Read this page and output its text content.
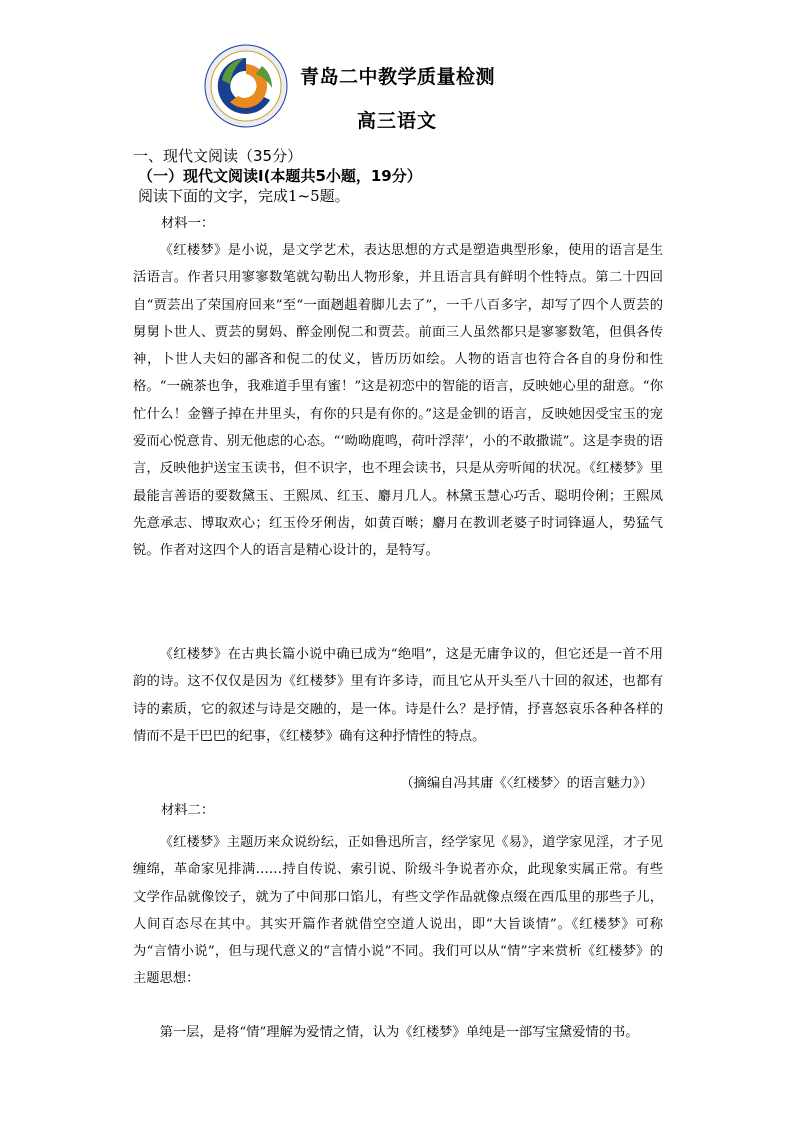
青岛二中教学质量检测
高三语文
一、现代文阅读（35分）
（一）现代文阅读Ⅰ(本题共5小题，19分）
阅读下面的文字，完成1~5题。
材料一：

《红楼梦》是小说，是文学艺术，表达思想的方式是塑造典型形象，使用的语言是生活语言。作者只用寥寥数笔就勾勒出人物形象，并且语言具有鲜明个性特点。第二十四回自“贾芸出了荣国府回来”至“一面趔趄着脚儿去了”，一千八百多字，却写了四个人贾芸的舅舅卜世人、贾芸的舅妈、醉金刚倪二和贾芸。前面三人虽然都只是寥寥数笔，但俱各传神，卜世人夫妇的鄙吝和倪二的仗义，皆历历如绘。人物的语言也符合各自的身份和性格。“一碗茶也争，我难道手里有蜜！”这是初恋中的智能的语言，反映她心里的甜意。“你忙什么！金簪子掉在井里头，有你的只是有你的。”这是金钏的语言，反映她因受宝玉的宠爱而心悦意肯、别无他虑的心态。“‘呦呦鹿鸣，荷叶浮萍’，小的不敢撒谎”。这是李贵的语言，反映他护送宝玉读书，但不识字，也不理会读书，只是从旁听闻的状况。《红楼梦》里最能言善语的要数黛玉、王熙凤、红玉、麝月几人。林黛玉慧心巧舌、聪明伶俐；王熙凤先意承志、博取欢心；红玉伶牙俐齿，如黄百啭；麝月在教训老婆子时词锋逼人，势猛气锐。作者对这四个人的语言是精心设计的，是特写。

《红楼梦》在古典长篇小说中确已成为“绝唱”，这是无庸争议的，但它还是一首不用韵的诗。这不仅仅是因为《红楼梦》里有许多诗，而且它从开头至八十回的叙述，也都有诗的素质，它的叙述与诗是交融的，是一体。诗是什么？是抒情，抒喜怒哀乐各种各样的情而不是干巴巴的纪事，《红楼梦》确有这种抒情性的特点。

（摘编自冯其庸《〈红楼梦〉的语言魅力》）
材料二：

《红楼梦》主题历来众说纷纭，正如鲁迅所言，经学家见《易》，道学家见淫，才子见缠绵，革命家见排满……持自传说、索引说、阶级斗争说者亦众，此现象实属正常。有些文学作品就像饺子，就为了中间那口馅儿，有些文学作品就像点缀在西瓜里的那些子儿，人间百态尽在其中。其实开篇作者就借空空道人说出，即“大旨谈情”。《红楼梦》可称为“言情小说”，但与现代意义的“言情小说”不同。我们可以从“情”字来赏析《红楼梦》的主题思想：

第一层，是将“情”理解为爱情之情，认为《红楼梦》单纯是一部写宝黛爱情的书。
